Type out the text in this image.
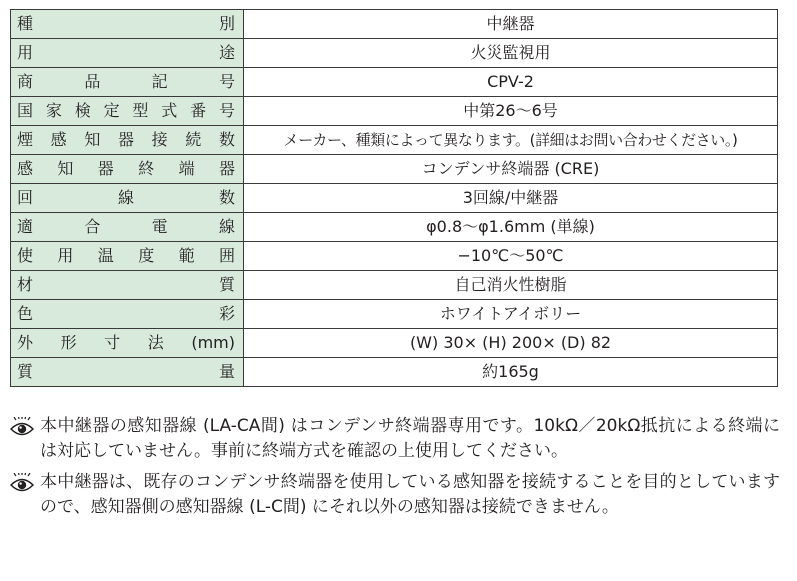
種別	中継器

用途	火災監視用

商品記号	CPV-2

国家検定型式番号	中第26〜6号

煙感知器接続数	メーカー、種類によって異なります。(詳細はお問い合わせください。)

感知器終端器	コンデンサ終端器 (CRE)

回線数	3回線/中継器

適合電線	φ0.8〜φ1.6mm (単線)

使用温度範囲	−10℃〜50℃

材質	自己消火性樹脂

色彩	ホワイトアイボリー

外形寸法(mm)	(W) 30× (H) 200× (D) 82

質量	約165g
本中継器の感知器線 (LA-CA間) はコンデンサ終端器専用です。10kΩ／20kΩ抵抗による終端には対応していません。事前に終端方式を確認の上使用してください。
本中継器は、既存のコンデンサ終端器を使用している感知器を接続することを目的としていますので、感知器側の感知器線 (L-C間) にそれ以外の感知器は接続できません。
